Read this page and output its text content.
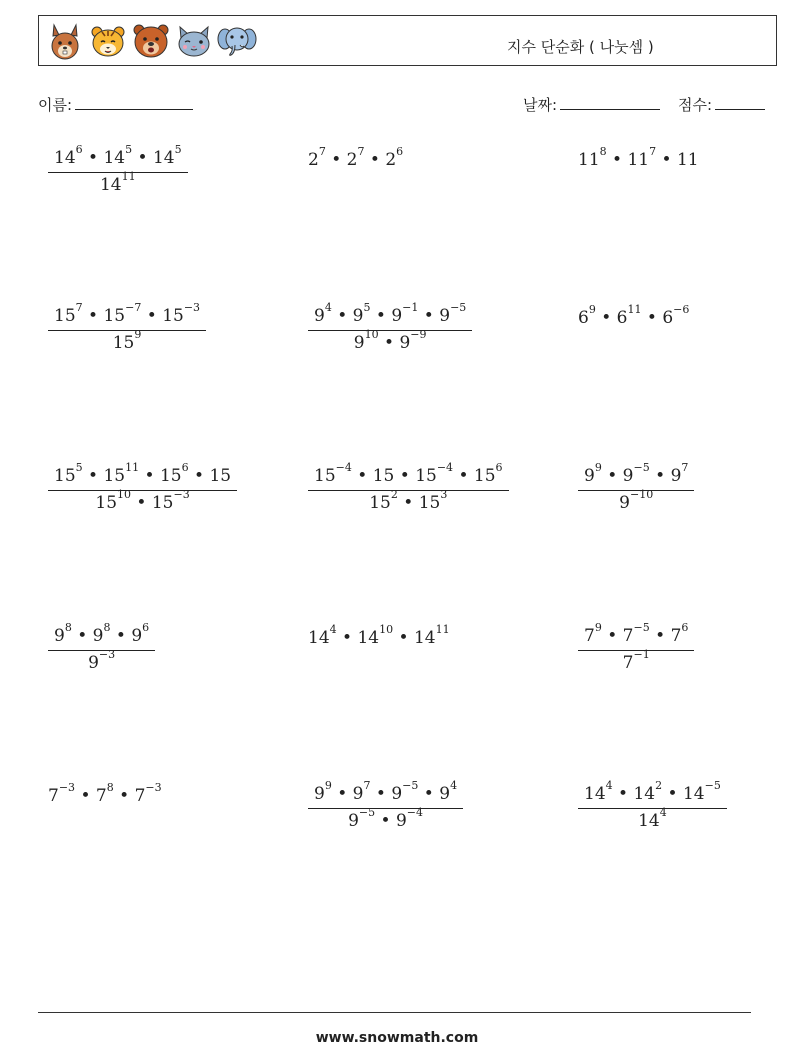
지수 단순화 ( 나눗셈 )
이름:	날짜:	점수:
$\frac{14^6 • 14^5 • 14^5}{14^{11}}$	$2^7$ • $2^7$ • $2^6$	$11^8$ • $11^7$ • 11
$\frac{15^7 • 15^{-7} • 15^{-3}}{15^9}$	$\frac{9^4 • 9^5 • 9^{-1} • 9^{-5}}{9^{10} • 9^{-9}}$	$6^9$ • $6^{11}$ • $6^{-6}$
$\frac{15^5 • 15^{11} • 15^6 • 15}{15^{10} • 15^{-3}}$	$\frac{15^{-4} • 15 • 15^{-4} • 15^6}{15^2 • 15^3}$	$\frac{9^9 • 9^{-5} • 9^7}{9^{-10}}$
$\frac{9^8 • 9^8 • 9^6}{9^{-3}}$	$14^4$ • $14^{10}$ • $14^{11}$	$\frac{7^9 • 7^{-5} • 7^6}{7^{-1}}$
$7^{-3}$ • $7^8$ • $7^{-3}$	$\frac{9^9 • 9^7 • 9^{-5} • 9^4}{9^{-5} • 9^{-4}}$	$\frac{14^4 • 14^2 • 14^{-5}}{14^4}$
www.snowmath.com
